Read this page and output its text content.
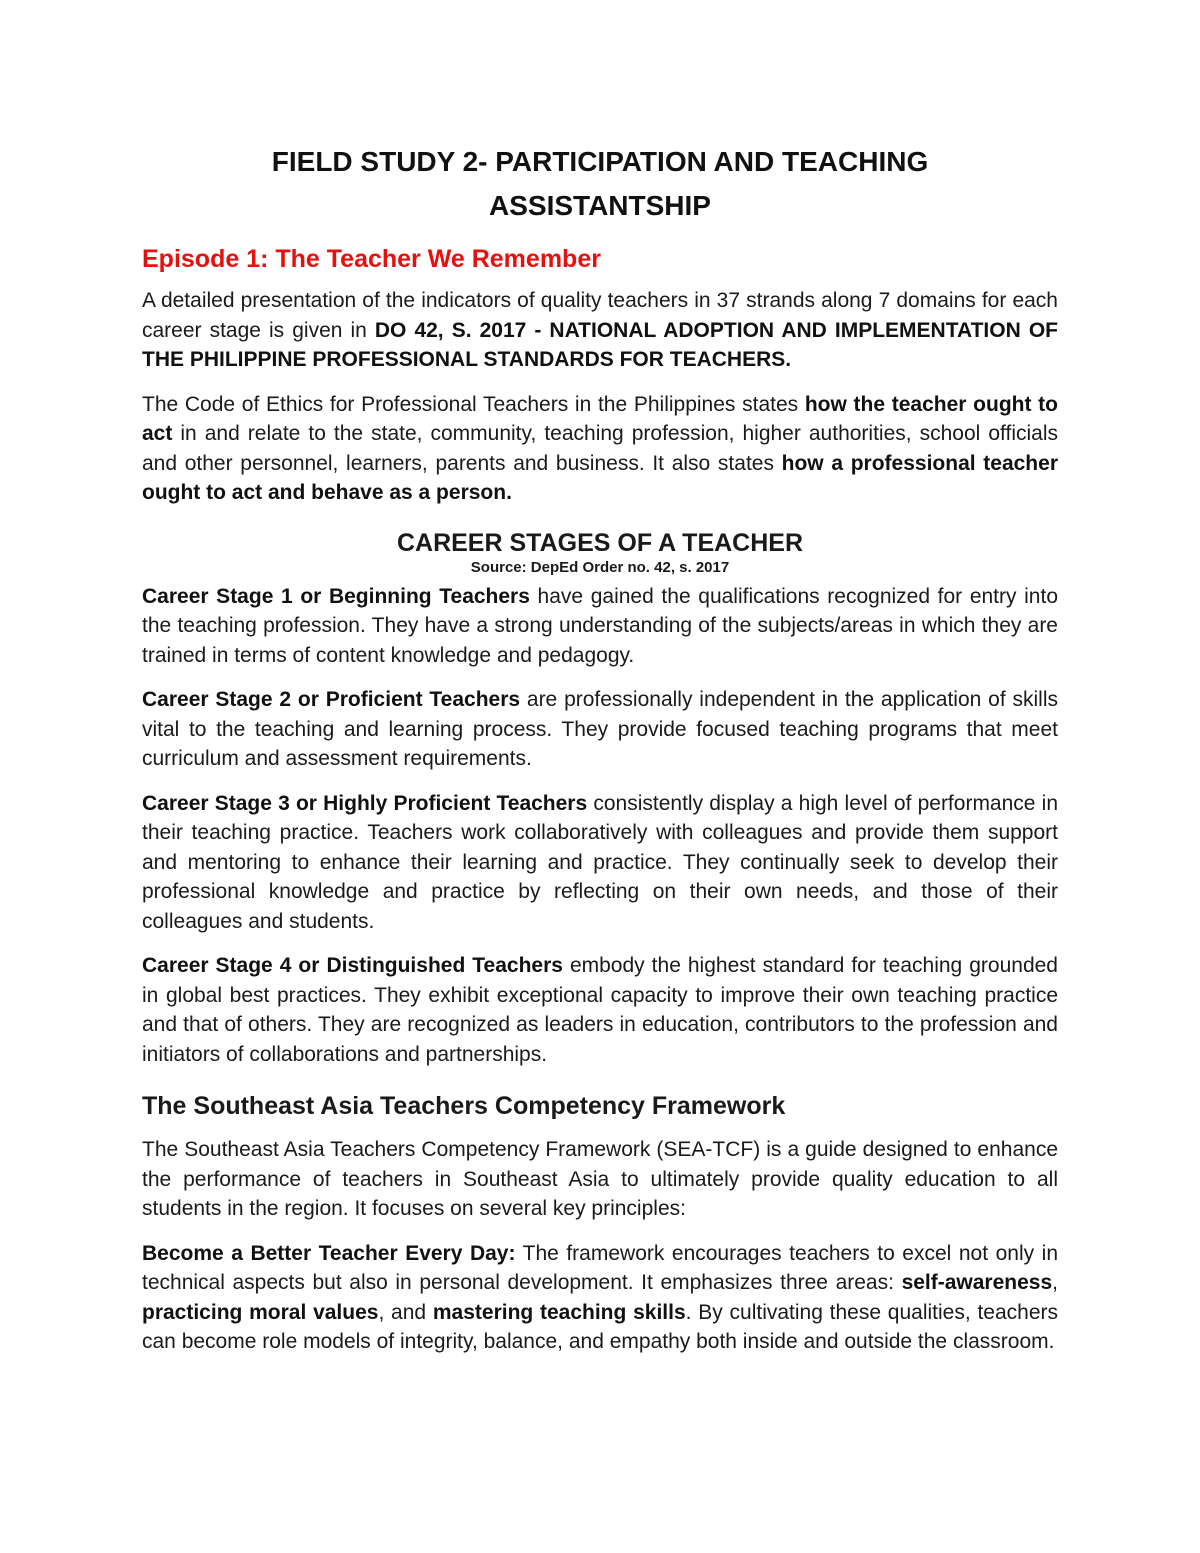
FIELD STUDY 2- PARTICIPATION AND TEACHING
ASSISTANTSHIP
Episode 1: The Teacher We Remember

A detailed presentation of the indicators of quality teachers in 37 strands along 7 domains for each career stage is given in DO 42, S. 2017 - NATIONAL ADOPTION AND IMPLEMENTATION OF THE PHILIPPINE PROFESSIONAL STANDARDS FOR TEACHERS.

The Code of Ethics for Professional Teachers in the Philippines states how the teacher ought to act in and relate to the state, community, teaching profession, higher authorities, school officials and other personnel, learners, parents and business. It also states how a professional teacher ought to act and behave as a person.

CAREER STAGES OF A TEACHER
Source: DepEd Order no. 42, s. 2017

Career Stage 1 or Beginning Teachers have gained the qualifications recognized for entry into the teaching profession. They have a strong understanding of the subjects/areas in which they are trained in terms of content knowledge and pedagogy.

Career Stage 2 or Proficient Teachers are professionally independent in the application of skills vital to the teaching and learning process. They provide focused teaching programs that meet curriculum and assessment requirements.

Career Stage 3 or Highly Proficient Teachers consistently display a high level of performance in their teaching practice. Teachers work collaboratively with colleagues and provide them support and mentoring to enhance their learning and practice. They continually seek to develop their professional knowledge and practice by reflecting on their own needs, and those of their colleagues and students.

Career Stage 4 or Distinguished Teachers embody the highest standard for teaching grounded in global best practices. They exhibit exceptional capacity to improve their own teaching practice and that of others. They are recognized as leaders in education, contributors to the profession and initiators of collaborations and partnerships.

The Southeast Asia Teachers Competency Framework

The Southeast Asia Teachers Competency Framework (SEA-TCF) is a guide designed to enhance the performance of teachers in Southeast Asia to ultimately provide quality education to all students in the region. It focuses on several key principles:

Become a Better Teacher Every Day: The framework encourages teachers to excel not only in technical aspects but also in personal development. It emphasizes three areas: self-awareness, practicing moral values, and mastering teaching skills. By cultivating these qualities, teachers can become role models of integrity, balance, and empathy both inside and outside the classroom.
